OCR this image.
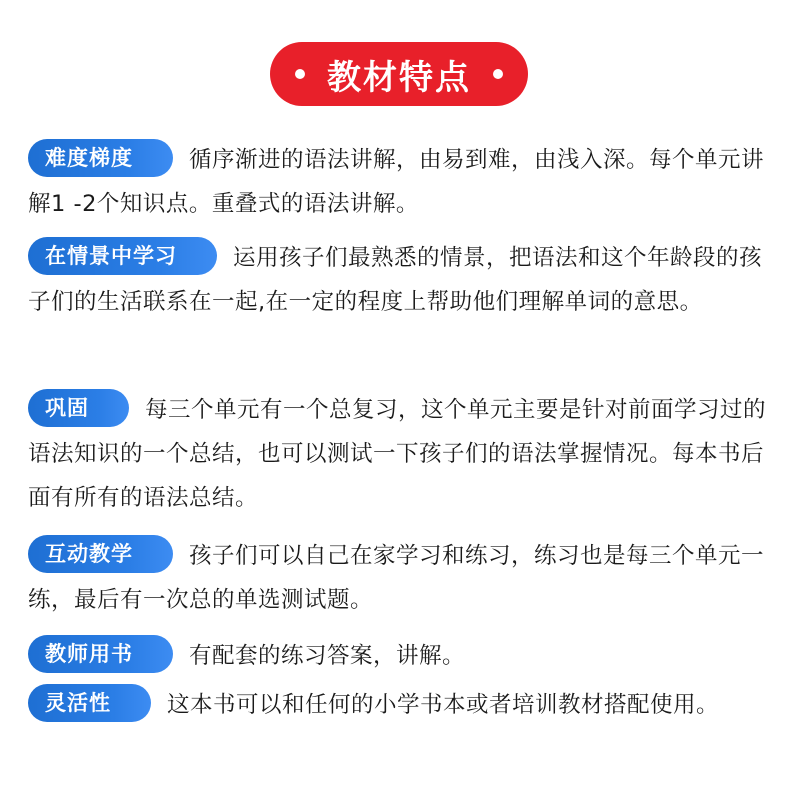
教材特点
难度梯度 循序渐进的语法讲解，由易到难，由浅入深。每个单元讲解1 -2个知识点。重叠式的语法讲解。
在情景中学习 运用孩子们最熟悉的情景，把语法和这个年龄段的孩子们的生活联系在一起,在一定的程度上帮助他们理解单词的意思。
巩固 每三个单元有一个总复习，这个单元主要是针对前面学习过的语法知识的一个总结，也可以测试一下孩子们的语法掌握情况。每本书后面有所有的语法总结。
互动教学 孩子们可以自己在家学习和练习，练习也是每三个单元一练，最后有一次总的单选测试题。
教师用书 有配套的练习答案，讲解。
灵活性 这本书可以和任何的小学书本或者培训教材搭配使用。
